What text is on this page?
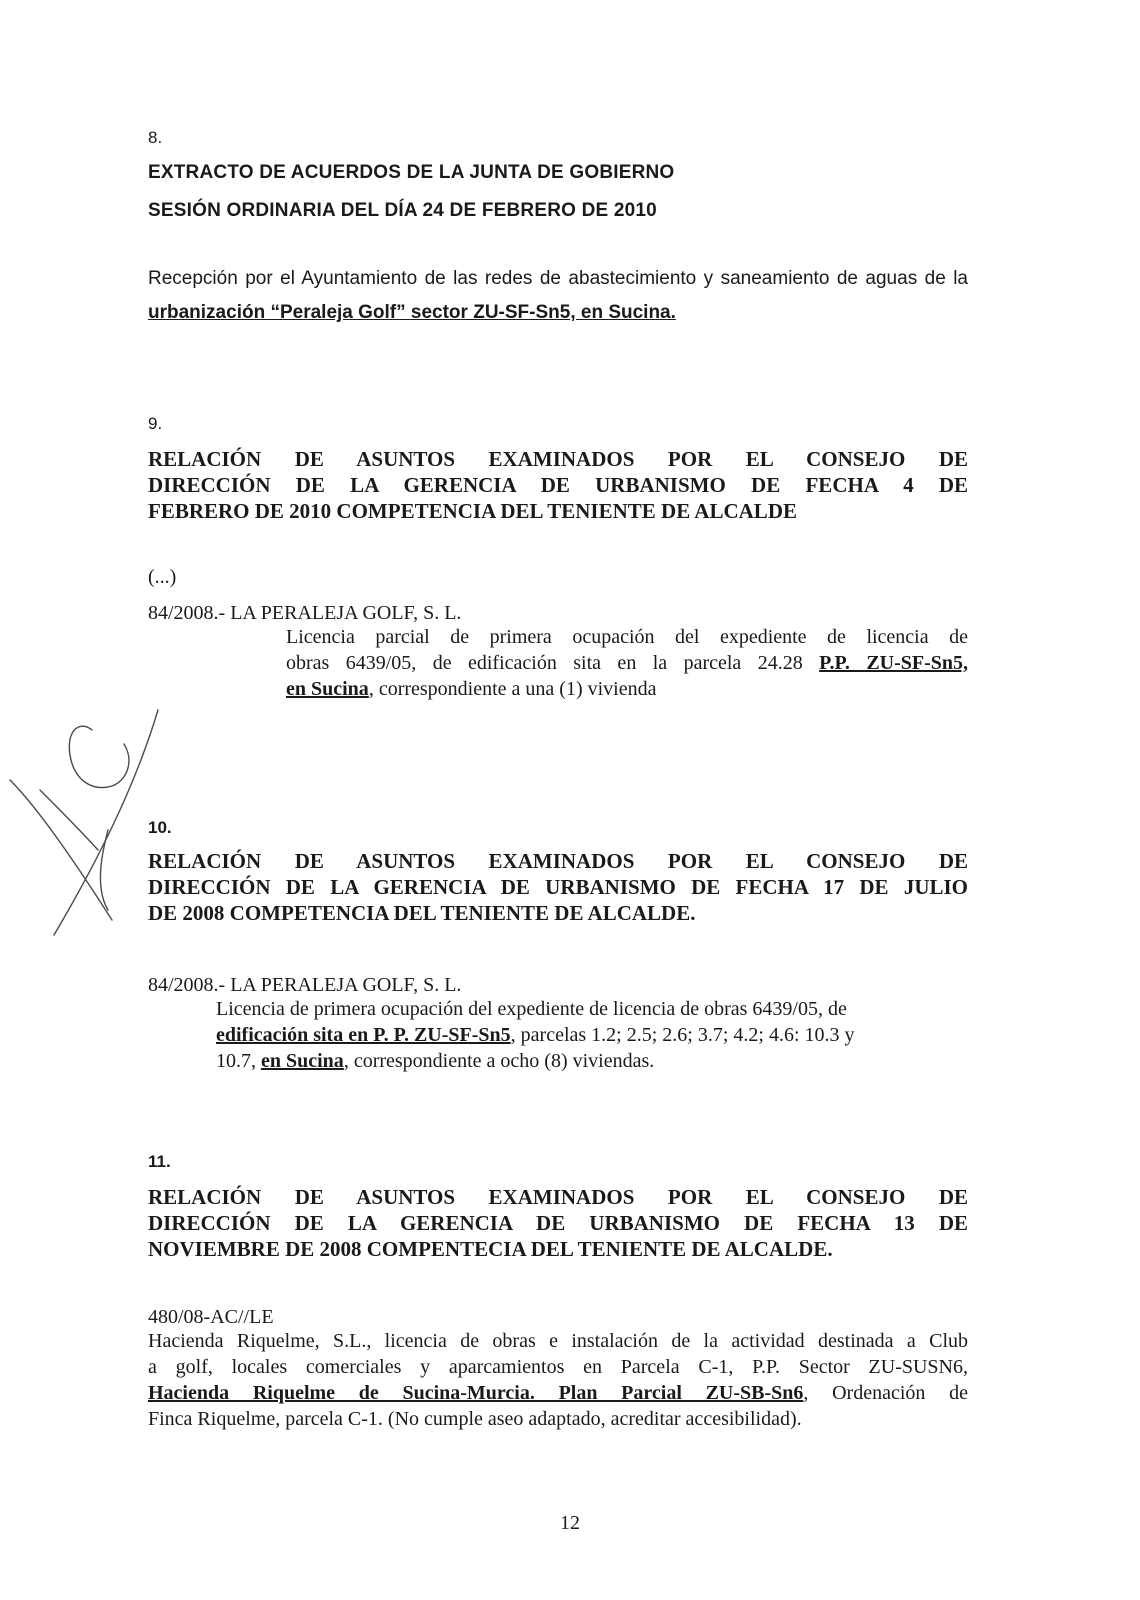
8.
EXTRACTO DE ACUERDOS DE LA JUNTA DE GOBIERNO
SESIÓN ORDINARIA DEL DÍA 24 DE FEBRERO DE 2010
Recepción por el Ayuntamiento de las redes de abastecimiento y saneamiento de aguas de la urbanización “Peraleja Golf” sector ZU-SF-Sn5, en Sucina.
9.
RELACIÓN DE ASUNTOS EXAMINADOS POR EL CONSEJO DE
DIRECCIÓN DE LA GERENCIA DE URBANISMO DE FECHA 4 DE
FEBRERO DE 2010 COMPETENCIA DEL TENIENTE DE ALCALDE
(...)
84/2008.- LA PERALEJA GOLF, S. L.
Licencia parcial de primera ocupación del expediente de licencia de
obras 6439/05, de edificación sita en la parcela 24.28 P.P. ZU-SF-Sn5,
en Sucina, correspondiente a una (1) vivienda
10.
RELACIÓN DE ASUNTOS EXAMINADOS POR EL CONSEJO DE
DIRECCIÓN DE LA GERENCIA DE URBANISMO DE FECHA 17 DE JULIO
DE 2008 COMPETENCIA DEL TENIENTE DE ALCALDE.
84/2008.- LA PERALEJA GOLF, S. L.
Licencia de primera ocupación del expediente de licencia de obras 6439/05, de
edificación sita en P. P. ZU-SF-Sn5, parcelas 1.2; 2.5; 2.6; 3.7; 4.2; 4.6: 10.3 y
10.7, en Sucina, correspondiente a ocho (8) viviendas.
11.
RELACIÓN DE ASUNTOS EXAMINADOS POR EL CONSEJO DE
DIRECCIÓN DE LA GERENCIA DE URBANISMO DE FECHA 13 DE
NOVIEMBRE DE 2008 COMPENTECIA DEL TENIENTE DE ALCALDE.
480/08-AC//LE
Hacienda Riquelme, S.L., licencia de obras e instalación de la actividad destinada a Club
a golf, locales comerciales y aparcamientos en Parcela C-1, P.P. Sector ZU-SUSN6,
Hacienda Riquelme de Sucina-Murcia. Plan Parcial ZU-SB-Sn6, Ordenación de
Finca Riquelme, parcela C-1. (No cumple aseo adaptado, acreditar accesibilidad).
12
